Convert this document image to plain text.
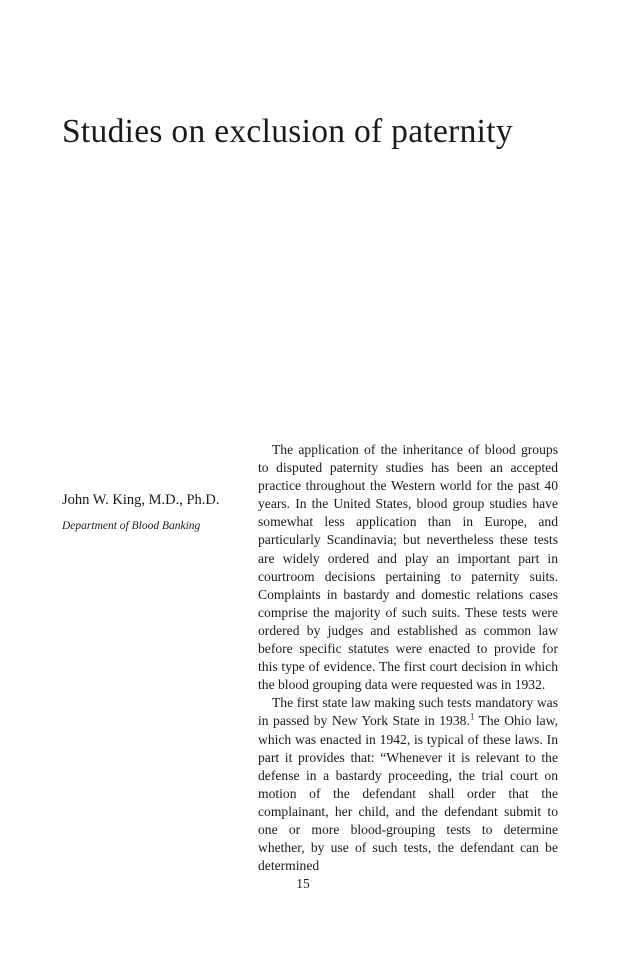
Studies on exclusion of paternity
John W. King, M.D., Ph.D.
Department of Blood Banking

The application of the inheritance of blood groups to disputed paternity studies has been an accepted practice throughout the Western world for the past 40 years. In the United States, blood group studies have somewhat less application than in Europe, and particularly Scandinavia; but nevertheless these tests are widely ordered and play an important part in courtroom decisions pertaining to paternity suits. Complaints in bastardy and domestic relations cases comprise the majority of such suits. These tests were ordered by judges and established as common law before specific statutes were enacted to provide for this type of evidence. The first court decision in which the blood grouping data were requested was in 1932.

The first state law making such tests mandatory was in passed by New York State in 1938.$^1$ The Ohio law, which was enacted in 1942, is typical of these laws. In part it provides that: “Whenever it is relevant to the defense in a bastardy proceeding, the trial court on motion of the defendant shall order that the complainant, her child, and the defendant submit to one or more blood-grouping tests to determine whether, by use of such tests, the defendant can be determined

15
